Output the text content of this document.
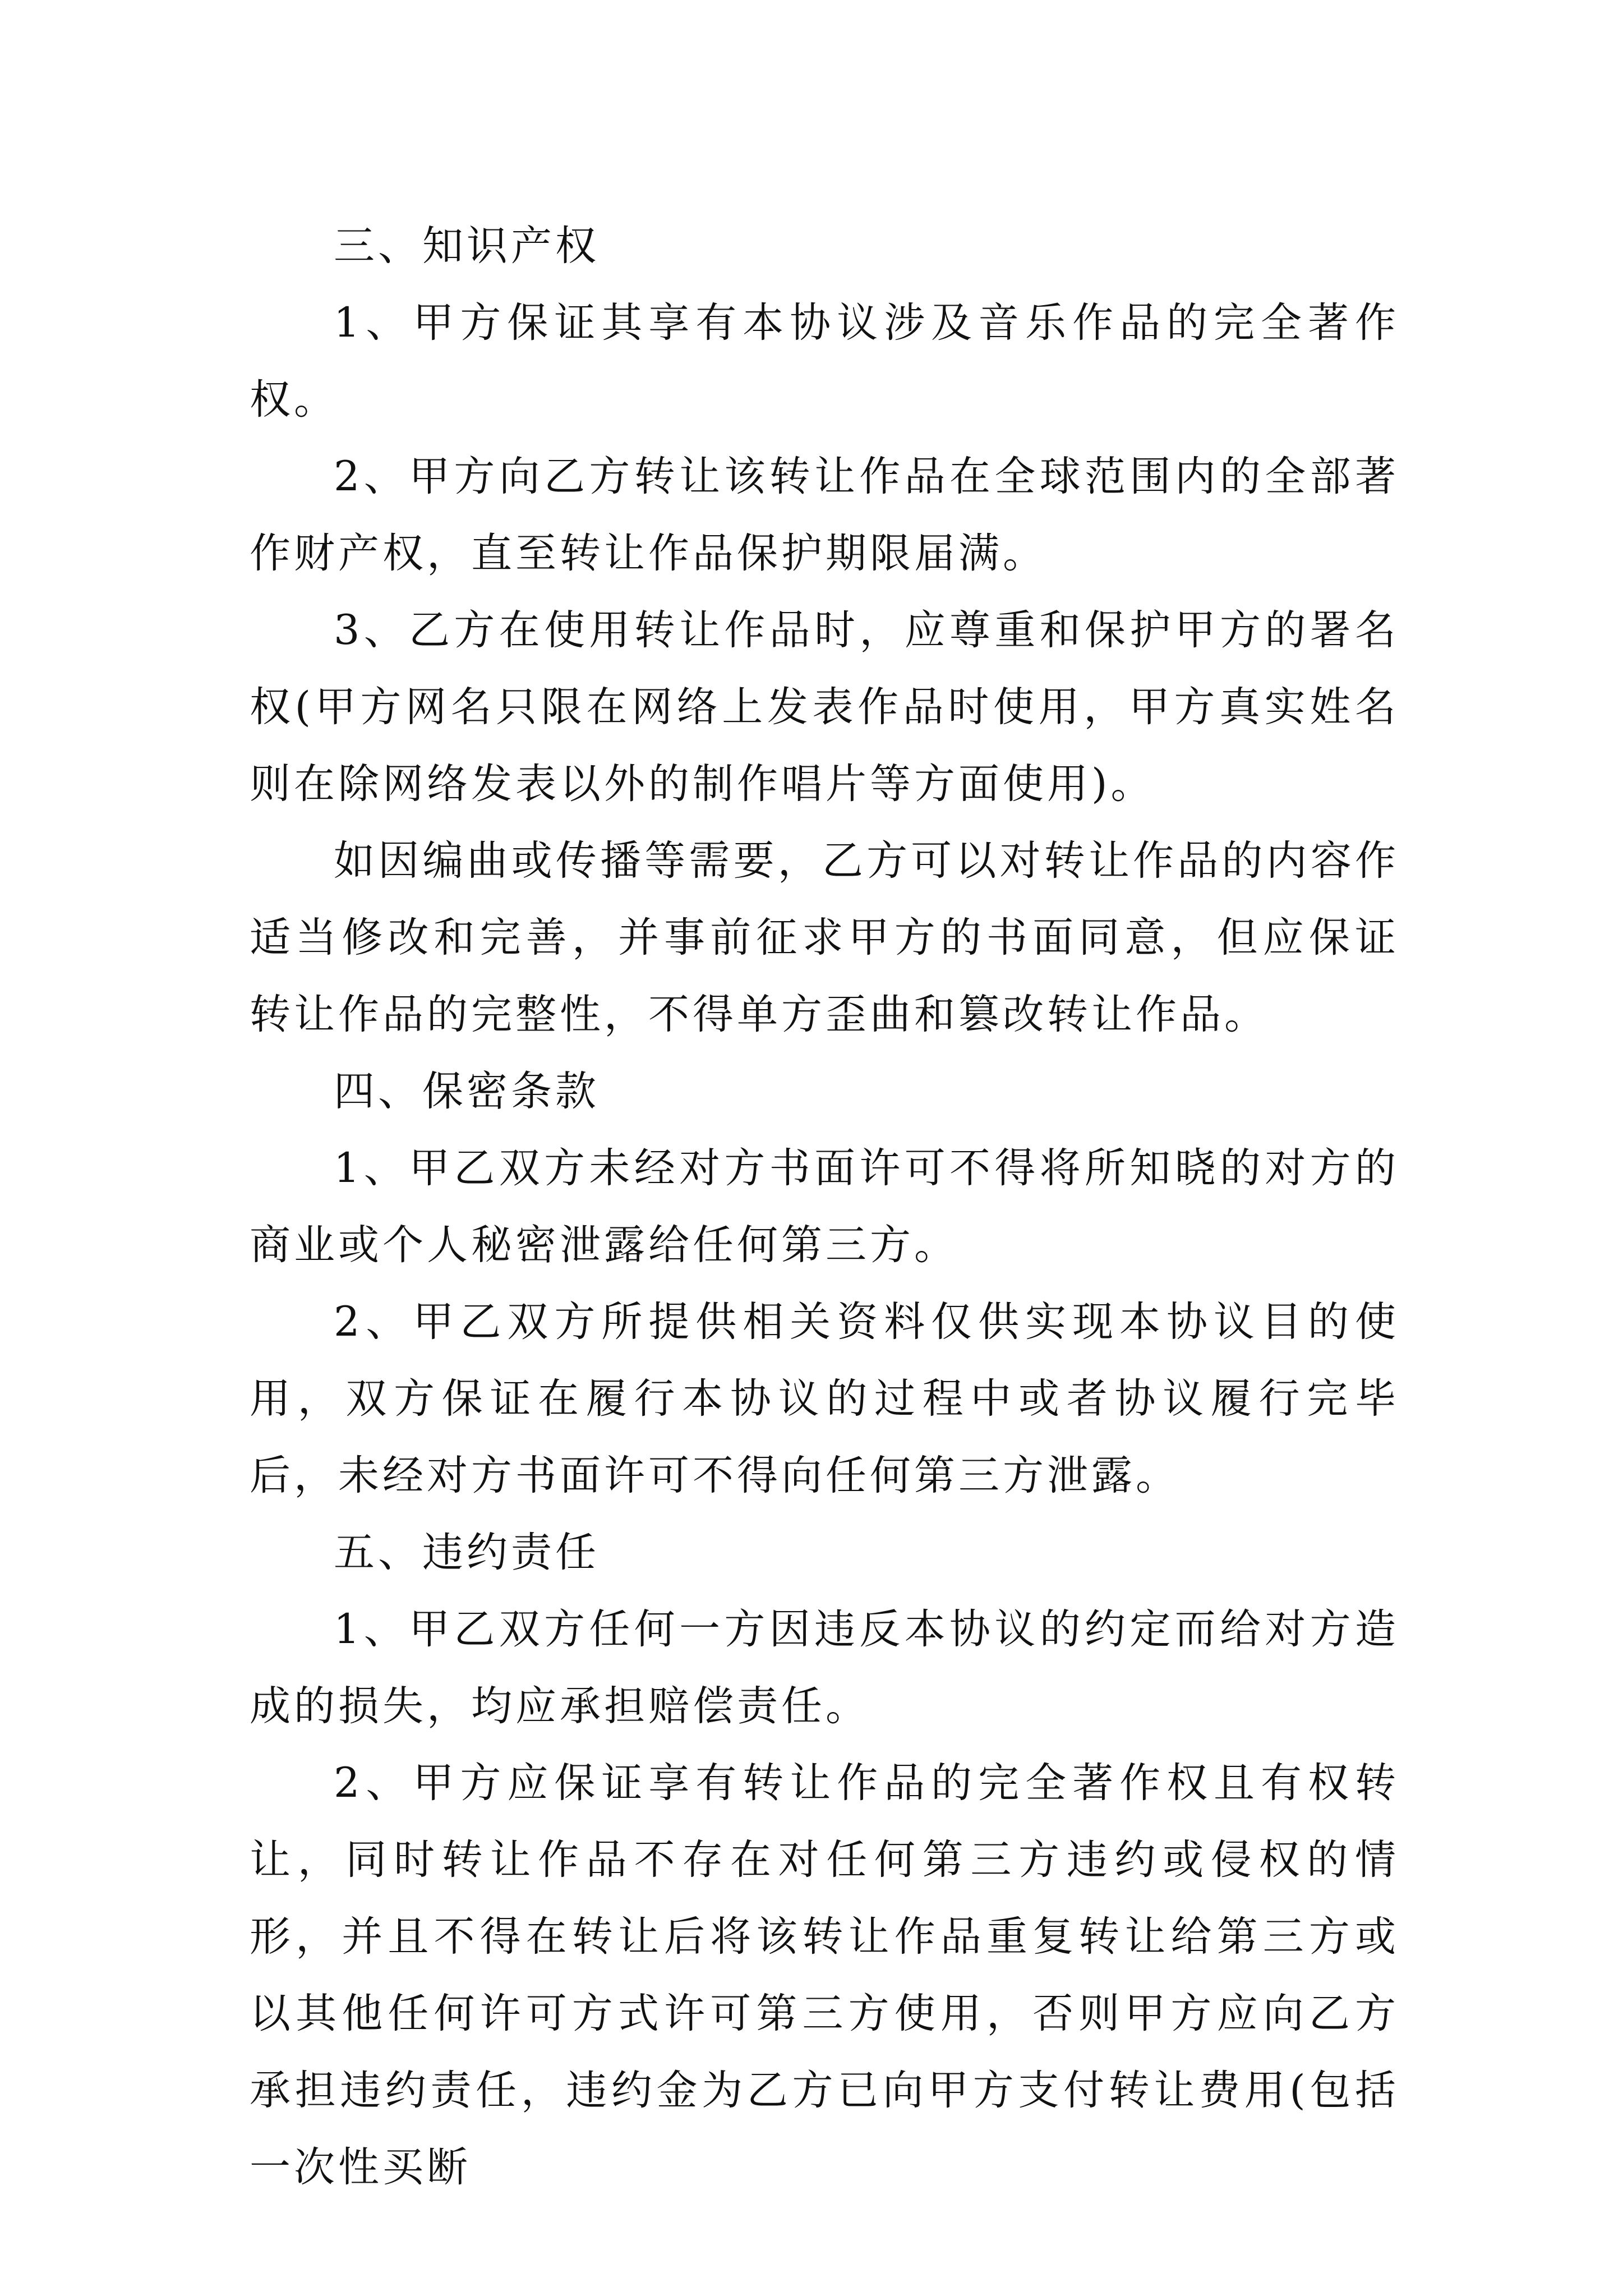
三、知识产权

1、甲方保证其享有本协议涉及音乐作品的完全著作权。

2、甲方向乙方转让该转让作品在全球范围内的全部著作财产权，直至转让作品保护期限届满。

3、乙方在使用转让作品时，应尊重和保护甲方的署名权(甲方网名只限在网络上发表作品时使用，甲方真实姓名则在除网络发表以外的制作唱片等方面使用)。

如因编曲或传播等需要，乙方可以对转让作品的内容作适当修改和完善，并事前征求甲方的书面同意，但应保证转让作品的完整性，不得单方歪曲和篡改转让作品。

四、保密条款

1、甲乙双方未经对方书面许可不得将所知晓的对方的商业或个人秘密泄露给任何第三方。

2、甲乙双方所提供相关资料仅供实现本协议目的使用，双方保证在履行本协议的过程中或者协议履行完毕后，未经对方书面许可不得向任何第三方泄露。

五、违约责任

1、甲乙双方任何一方因违反本协议的约定而给对方造成的损失，均应承担赔偿责任。

2、甲方应保证享有转让作品的完全著作权且有权转让，同时转让作品不存在对任何第三方违约或侵权的情形，并且不得在转让后将该转让作品重复转让给第三方或以其他任何许可方式许可第三方使用，否则甲方应向乙方承担违约责任，违约金为乙方已向甲方支付转让费用(包括一次性买断
